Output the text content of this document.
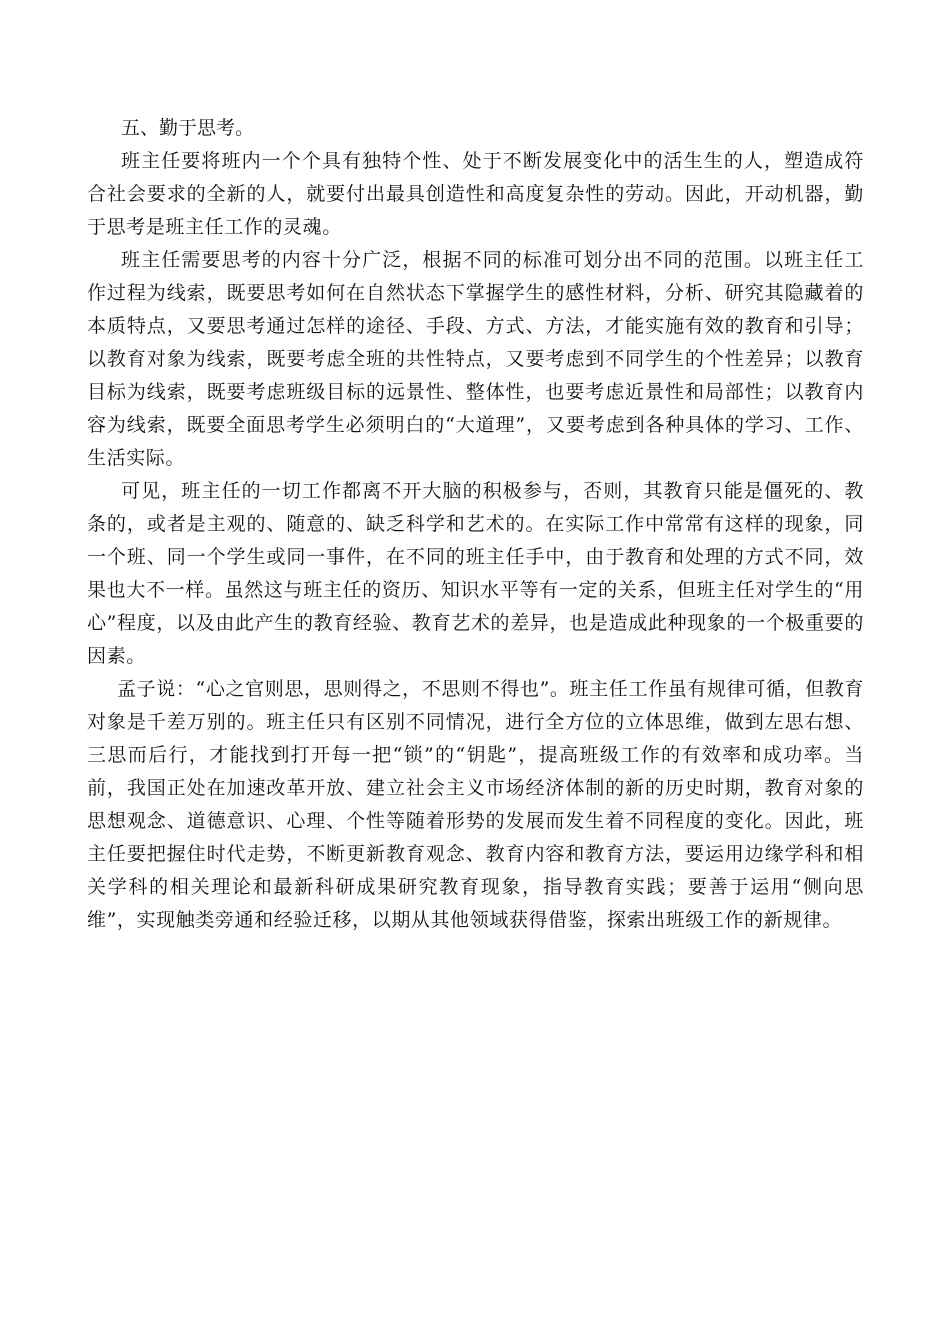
五、勤于思考。

班主任要将班内一个个具有独特个性、处于不断发展变化中的活生生的人，塑造成符合社会要求的全新的人，就要付出最具创造性和高度复杂性的劳动。因此，开动机器，勤于思考是班主任工作的灵魂。

班主任需要思考的内容十分广泛，根据不同的标准可划分出不同的范围。以班主任工作过程为线索，既要思考如何在自然状态下掌握学生的感性材料，分析、研究其隐藏着的本质特点，又要思考通过怎样的途径、手段、方式、方法，才能实施有效的教育和引导；以教育对象为线索，既要考虑全班的共性特点，又要考虑到不同学生的个性差异；以教育目标为线索，既要考虑班级目标的远景性、整体性，也要考虑近景性和局部性；以教育内容为线索，既要全面思考学生必须明白的“大道理”，又要考虑到各种具体的学习、工作、生活实际。

可见，班主任的一切工作都离不开大脑的积极参与，否则，其教育只能是僵死的、教条的，或者是主观的、随意的、缺乏科学和艺术的。在实际工作中常常有这样的现象，同一个班、同一个学生或同一事件，在不同的班主任手中，由于教育和处理的方式不同，效果也大不一样。虽然这与班主任的资历、知识水平等有一定的关系，但班主任对学生的“用心”程度，以及由此产生的教育经验、教育艺术的差异，也是造成此种现象的一个极重要的因素。

孟子说：“心之官则思，思则得之，不思则不得也”。班主任工作虽有规律可循，但教育对象是千差万别的。班主任只有区别不同情况，进行全方位的立体思维，做到左思右想、三思而后行，才能找到打开每一把“锁”的“钥匙”，提高班级工作的有效率和成功率。当前，我国正处在加速改革开放、建立社会主义市场经济体制的新的历史时期，教育对象的思想观念、道德意识、心理、个性等随着形势的发展而发生着不同程度的变化。因此，班主任要把握住时代走势，不断更新教育观念、教育内容和教育方法，要运用边缘学科和相关学科的相关理论和最新科研成果研究教育现象，指导教育实践；要善于运用“侧向思维”，实现触类旁通和经验迁移，以期从其他领域获得借鉴，探索出班级工作的新规律。
